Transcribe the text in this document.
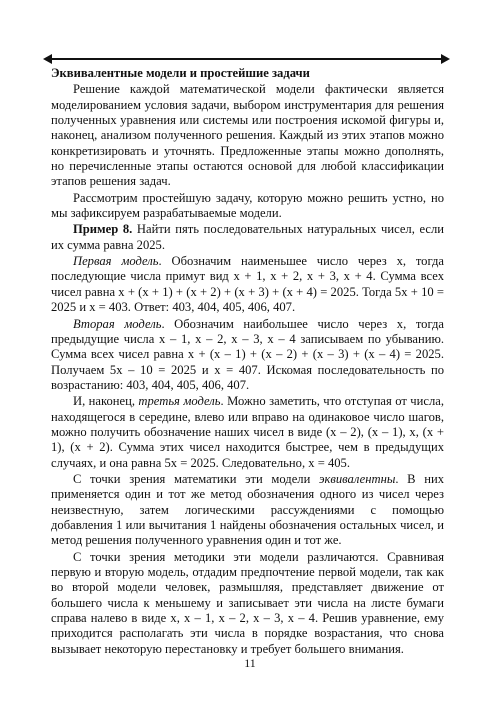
Эквивалентные модели и простейшие задачи

Решение каждой математической модели фактически является моделированием условия задачи, выбором инструментария для решения полученных уравнения или системы или построения искомой фигуры и, наконец, анализом полученного решения. Каждый из этих этапов можно конкретизировать и уточнять. Предложенные этапы можно дополнять, но перечисленные этапы остаются основой для любой классификации этапов решения задач.

Рассмотрим простейшую задачу, которую можно решить устно, но мы зафиксируем разрабатываемые модели.

Пример 8. Найти пять последовательных натуральных чисел, если их сумма равна 2025.

Первая модель. Обозначим наименьшее число через x, тогда последующие числа примут вид x + 1, x + 2, x + 3, x + 4. Сумма всех чисел равна x + (x + 1) + (x + 2) + (x + 3) + (x + 4) = 2025. Тогда 5x + 10 = 2025 и x = 403. Ответ: 403, 404, 405, 406, 407.

Вторая модель. Обозначим наибольшее число через x, тогда предыдущие числа x – 1, x – 2, x – 3, x – 4 записываем по убыванию. Сумма всех чисел равна x + (x – 1) + (x – 2) + (x – 3) + (x – 4) = 2025. Получаем 5x – 10 = 2025 и x = 407. Искомая последовательность по возрастанию: 403, 404, 405, 406, 407.

И, наконец, третья модель. Можно заметить, что отступая от числа, находящегося в середине, влево или вправо на одинаковое число шагов, можно получить обозначение наших чисел в виде (x – 2), (x – 1), x, (x + 1), (x + 2). Сумма этих чисел находится быстрее, чем в предыдущих случаях, и она равна 5x = 2025. Следовательно, x = 405.

С точки зрения математики эти модели эквивалентны. В них применяется один и тот же метод обозначения одного из чисел через неизвестную, затем логическими рассуждениями с помощью добавления 1 или вычитания 1 найдены обозначения остальных чисел, и метод решения полученного уравнения один и тот же.

С точки зрения методики эти модели различаются. Сравнивая первую и вторую модель, отдадим предпочтение первой модели, так как во второй модели человек, размышляя, представляет движение от большего числа к меньшему и записывает эти числа на листе бумаги справа налево в виде x, x – 1, x – 2, x – 3, x – 4. Решив уравнение, ему приходится располагать эти числа в порядке возрастания, что снова вызывает некоторую перестановку и требует большего внимания.

11
